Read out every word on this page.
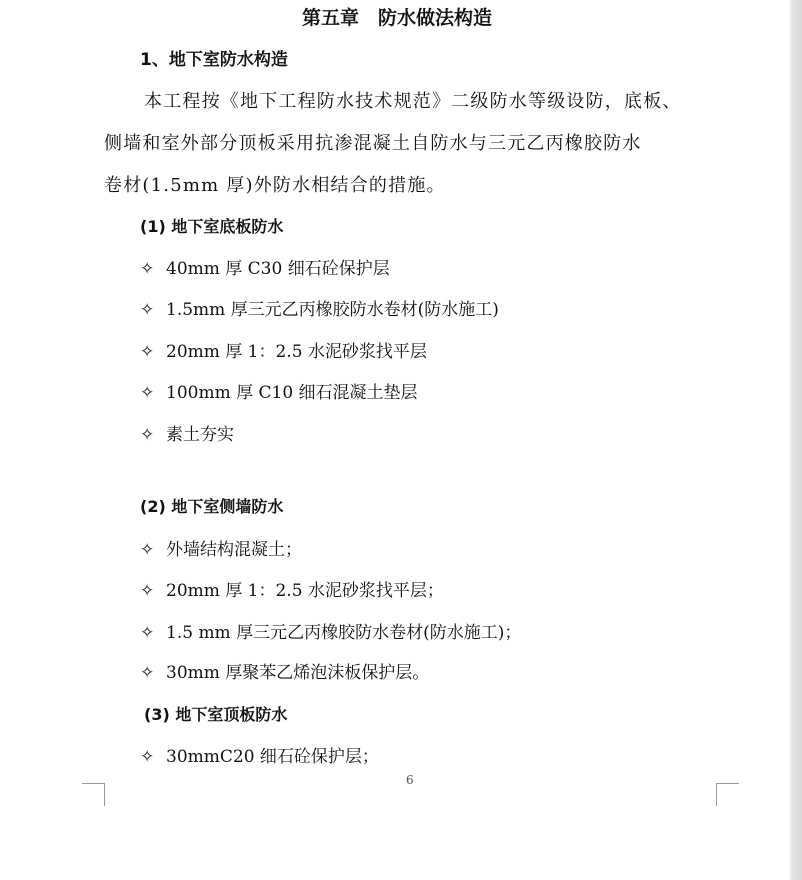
第五章　防水做法构造
1、地下室防水构造
本工程按《地下工程防水技术规范》二级防水等级设防，底板、
侧墙和室外部分顶板采用抗渗混凝土自防水与三元乙丙橡胶防水
卷材(1.5mm 厚)外防水相结合的措施。
(1) 地下室底板防水
✧ 40mm 厚 C30 细石砼保护层
✧ 1.5mm 厚三元乙丙橡胶防水卷材(防水施工)
✧ 20mm 厚 1：2.5 水泥砂浆找平层
✧ 100mm 厚 C10 细石混凝土垫层
✧ 素土夯实
(2) 地下室侧墙防水
✧ 外墙结构混凝土；
✧ 20mm 厚 1：2.5 水泥砂浆找平层；
✧ 1.5 mm 厚三元乙丙橡胶防水卷材(防水施工)；
✧ 30mm 厚聚苯乙烯泡沫板保护层。
(3) 地下室顶板防水
✧ 30mmC20 细石砼保护层；
6
